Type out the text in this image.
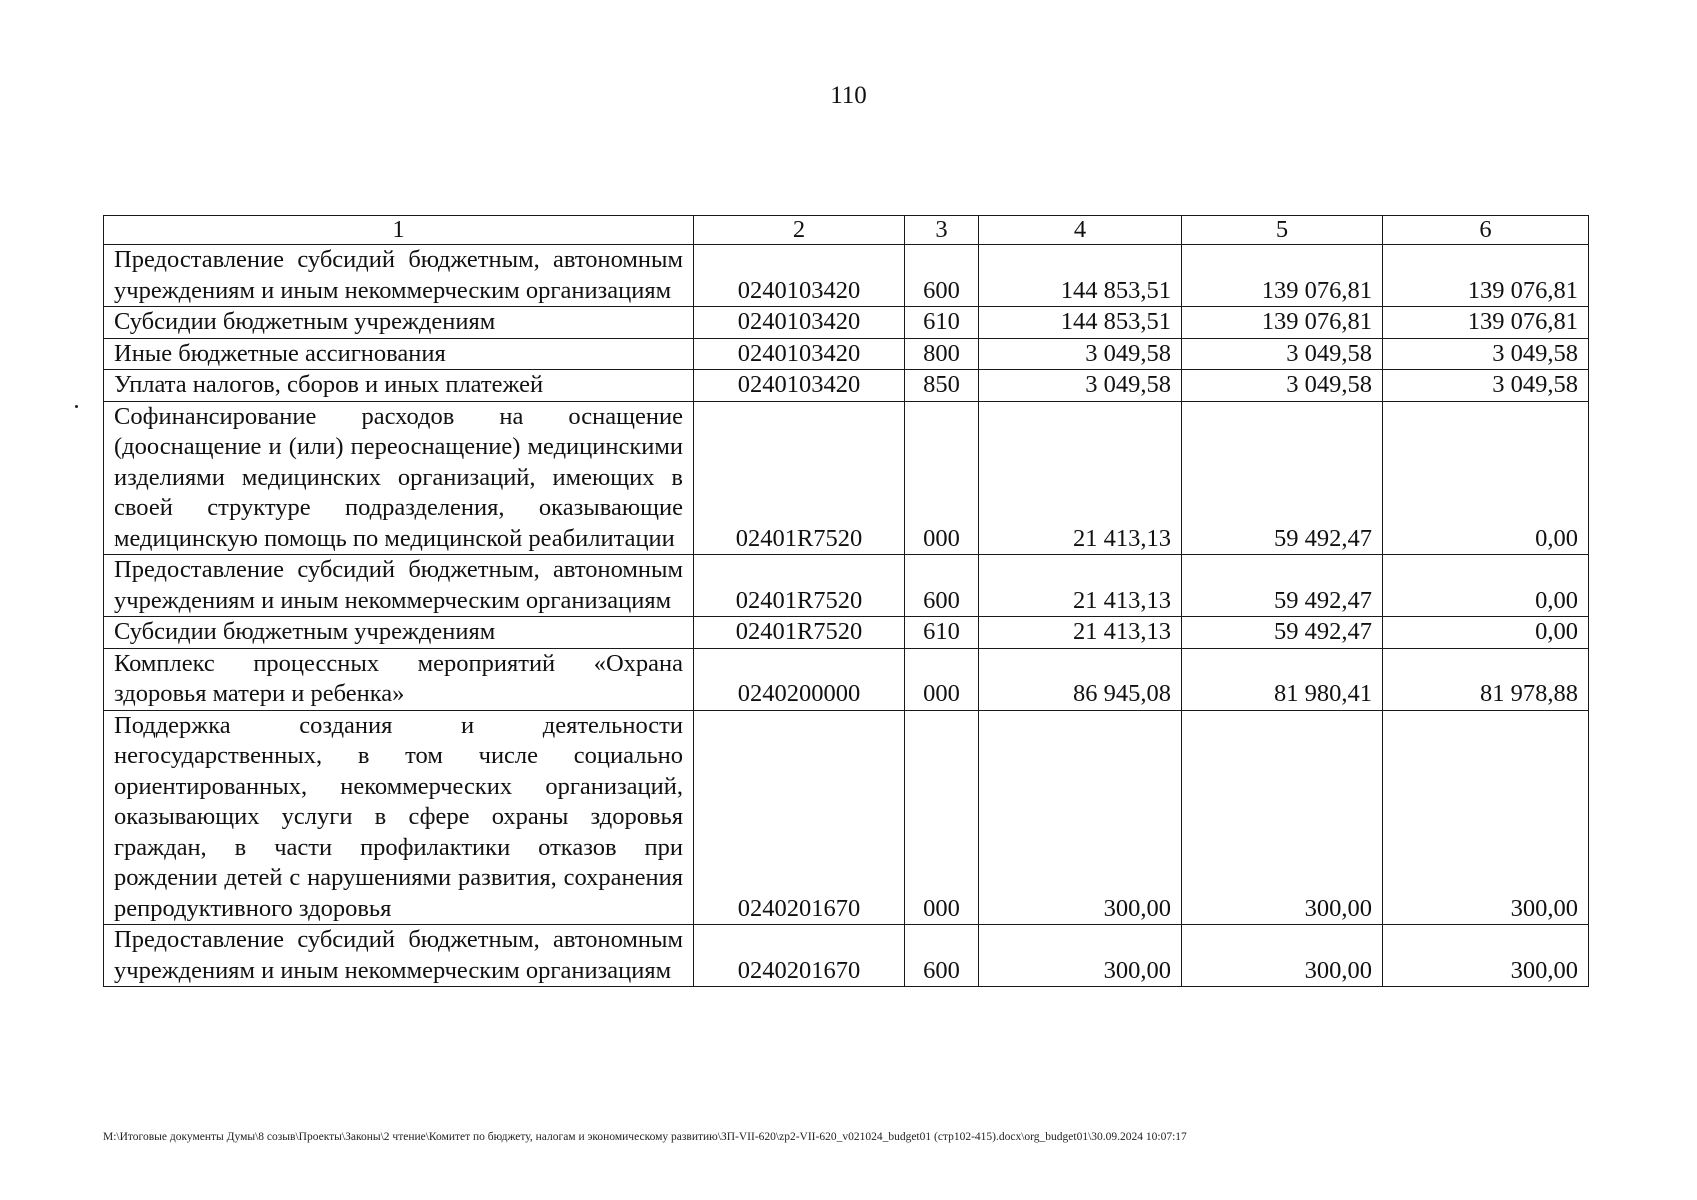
110
1	2	3	4	5	6
Предоставление субсидий бюджетным, автономным учреждениям и иным некоммерческим организациям	0240103420	600	144 853,51	139 076,81	139 076,81
Субсидии бюджетным учреждениям	0240103420	610	144 853,51	139 076,81	139 076,81
Иные бюджетные ассигнования	0240103420	800	3 049,58	3 049,58	3 049,58
Уплата налогов, сборов и иных платежей	0240103420	850	3 049,58	3 049,58	3 049,58
Софинансирование расходов на оснащение (дооснащение и (или) переоснащение) медицинскими изделиями медицинских организаций, имеющих в своей структуре подразделения, оказывающие медицинскую помощь по медицинской реабилитации	02401R7520	000	21 413,13	59 492,47	0,00
Предоставление субсидий бюджетным, автономным учреждениям и иным некоммерческим организациям	02401R7520	600	21 413,13	59 492,47	0,00
Субсидии бюджетным учреждениям	02401R7520	610	21 413,13	59 492,47	0,00
Комплекс процессных мероприятий «Охрана здоровья матери и ребенка»	0240200000	000	86 945,08	81 980,41	81 978,88
Поддержка создания и деятельности негосударственных, в том числе социально ориентированных, некоммерческих организаций, оказывающих услуги в сфере охраны здоровья граждан, в части профилактики отказов при рождении детей с нарушениями развития, сохранения репродуктивного здоровья	0240201670	000	300,00	300,00	300,00
Предоставление субсидий бюджетным, автономным учреждениям и иным некоммерческим организациям	0240201670	600	300,00	300,00	300,00
M:\Итоговые документы Думы\8 созыв\Проекты\Законы\2 чтение\Комитет по бюджету, налогам и экономическому развитию\ЗП-VII-620\zp2-VII-620_v021024_budget01 (стр102-415).docx\org_budget01\30.09.2024 10:07:17
